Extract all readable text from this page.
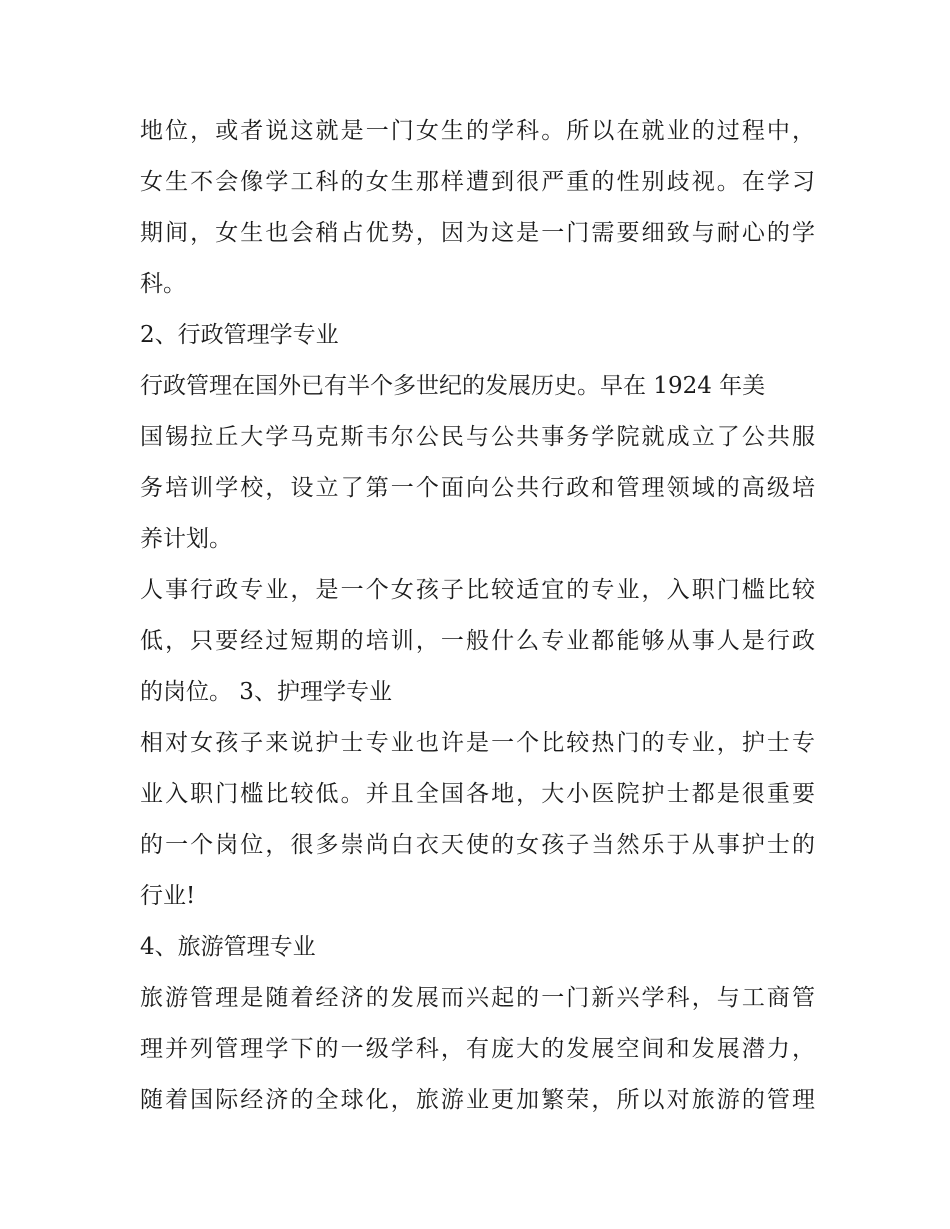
地位，或者说这就是一门女生的学科。所以在就业的过程中，
女生不会像学工科的女生那样遭到很严重的性别歧视。在学习
期间，女生也会稍占优势，因为这是一门需要细致与耐心的学
科。
2、行政管理学专业
行政管理在国外已有半个多世纪的发展历史。早在 1924 年美
国锡拉丘大学马克斯韦尔公民与公共事务学院就成立了公共服
务培训学校，设立了第一个面向公共行政和管理领域的高级培
养计划。
人事行政专业，是一个女孩子比较适宜的专业，入职门槛比较
低，只要经过短期的培训，一般什么专业都能够从事人是行政
的岗位。 3、护理学专业
相对女孩子来说护士专业也许是一个比较热门的专业，护士专
业入职门槛比较低。并且全国各地，大小医院护士都是很重要
的一个岗位，很多崇尚白衣天使的女孩子当然乐于从事护士的
行业!
4、旅游管理专业
旅游管理是随着经济的发展而兴起的一门新兴学科，与工商管
理并列管理学下的一级学科，有庞大的发展空间和发展潜力，
随着国际经济的全球化，旅游业更加繁荣，所以对旅游的管理
